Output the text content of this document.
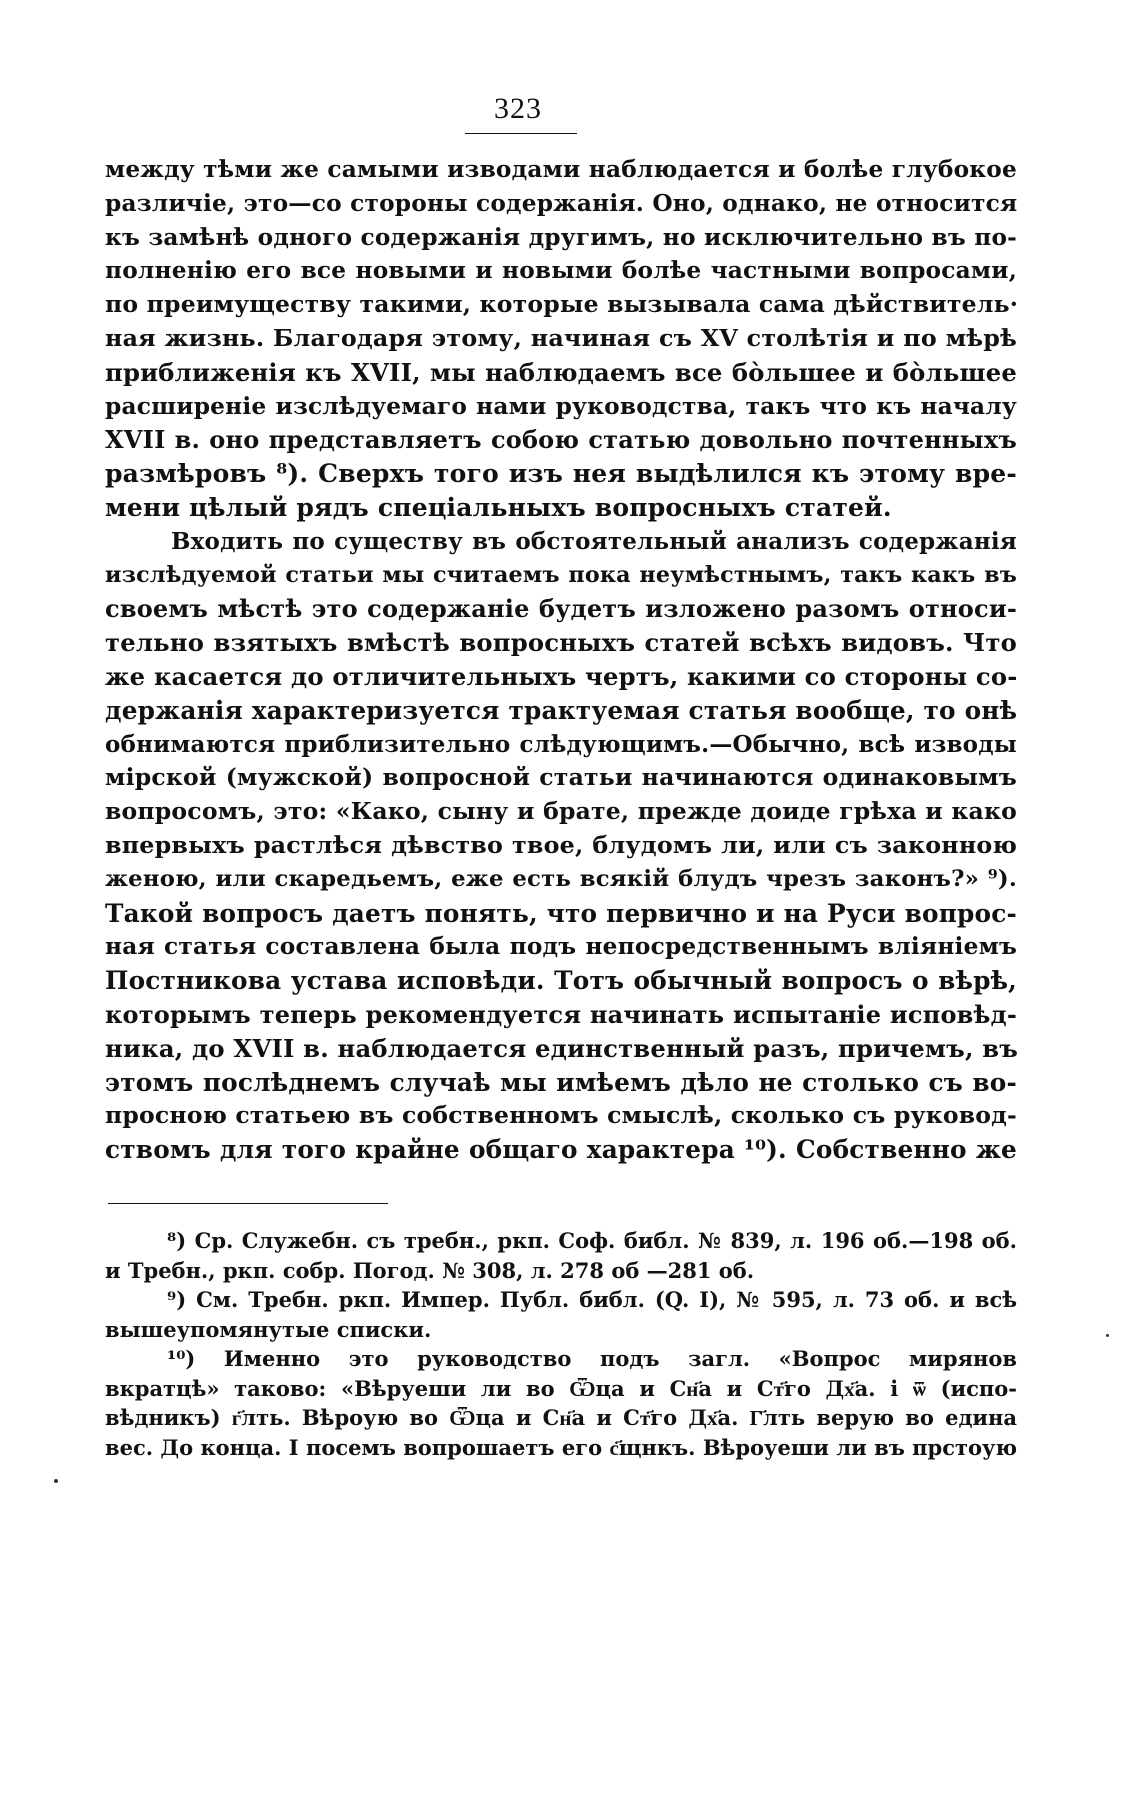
323
между тѣми же самыми изводами наблюдается и болѣе глубокое
различіе, это—со стороны содержанія. Оно, однако, не относится
къ замѣнѣ одного содержанія другимъ, но исключительно въ по-
полненію его все новыми и новыми болѣе частными вопросами,
по преимуществу такими, которые вызывала сама дѣйствитель·
ная жизнь. Благодаря этому, начиная съ XV столѣтія и по мѣрѣ
приближенія къ XVII, мы наблюдаемъ все бо̀льшее и бо̀льшее
расширеніе изслѣдуемаго нами руководства, такъ что къ началу
XVII в. оно представляетъ собою статью довольно почтенныхъ
размѣровъ ⁸). Сверхъ того изъ нея выдѣлился къ этому вре-
мени цѣлый рядъ спеціальныхъ вопросныхъ статей.
Входить по существу въ обстоятельный анализъ содержанія
изслѣдуемой статьи мы считаемъ пока неумѣстнымъ, такъ какъ въ
своемъ мѣстѣ это содержаніе будетъ изложено разомъ относи-
тельно взятыхъ вмѣстѣ вопросныхъ статей всѣхъ видовъ. Что
же касается до отличительныхъ чертъ, какими со стороны со-
держанія характеризуется трактуемая статья вообще, то онѣ
обнимаются приблизительно слѣдующимъ.—Обычно, всѣ изводы
мірской (мужской) вопросной статьи начинаются одинаковымъ
вопросомъ, это: «Како, сыну и брате, прежде доиде грѣха и како
впервыхъ растлѣся дѣвство твое, блудомъ ли, или съ законною
женою, или скаредьемъ, еже есть всякій блудъ чрезъ законъ?» ⁹).
Такой вопросъ даетъ понять, что первично и на Руси вопрос-
ная статья составлена была подъ непосредственнымъ вліяніемъ
Постникова устава исповѣди. Тотъ обычный вопросъ о вѣрѣ,
которымъ теперь рекомендуется начинать испытаніе исповѣд-
ника, до XVII в. наблюдается единственный разъ, причемъ, въ
этомъ послѣднемъ случаѣ мы имѣемъ дѣло не столько съ во-
просною статьею въ собственномъ смыслѣ, сколько съ руковод-
ствомъ для того крайне общаго характера ¹⁰). Собственно же
⁸) Ср. Служебн. съ требн., ркп. Соф. библ. № 839, л. 196 об.—198 об.
и Требн., ркп. собр. Погод. № 308, л. 278 об —281 об.
⁹) См. Требн. ркп. Импер. Публ. библ. (Q. I), № 595, л. 73 об. и всѣ
вышеупомянутые списки.
¹⁰) Именно это руководство подъ загл. «Вопрос мирянов
вкратцѣ» таково: «Вѣруеши ли во Ѿца и Сн҃а и Ст҃го Дх҃а. і ѿ (испо-
вѣдникъ) г҃лть. Вѣроую во Ѿца и Сн҃а и Ст҃го Дх҃а. Г҃лть верую во едина
вес. До конца. І посемъ вопрошаетъ его с҃щнкъ. Вѣроуеши ли въ прстоую
